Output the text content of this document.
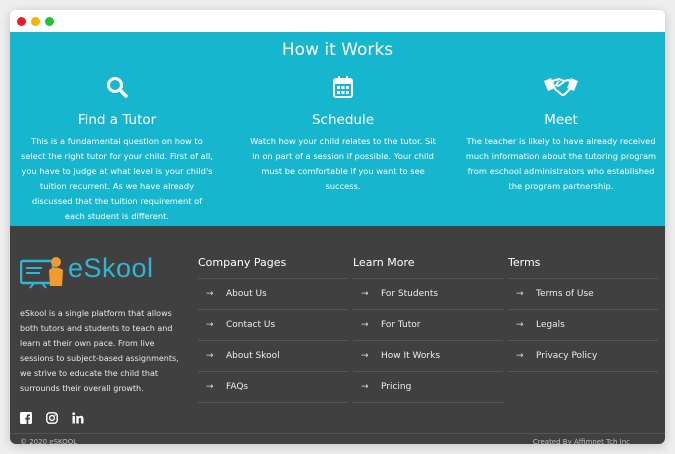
How it Works
Find a Tutor

This is a fundamental question on how to select the right tutor for your child. First of all, you have to judge at what level is your child's tuition recurrent. As we have already discussed that the tuition requirement of each student is different.

Schedule

Watch how your child relates to the tutor. Sit in on part of a session if possible. Your child must be comfortable if you want to see success.

Meet

The teacher is likely to have already received much information about the tutoring program from eschool administrators who established the program partnership.

eSkool

eSkool is a single platform that allows both tutors and students to teach and learn at their own pace. From live sessions to subject-based assignments, we strive to educate the child that surrounds their overall growth.

Company Pages
→	About Us
→	Contact Us
→	About Skool
→	FAQs
Learn More
→	For Students
→	For Tutor
→	How It Works
→	Pricing
Terms
→	Terms of Use
→	Legals
→	Privacy Policy
© 2020 eSKOOL	Created By Affimnet Tch Inc
